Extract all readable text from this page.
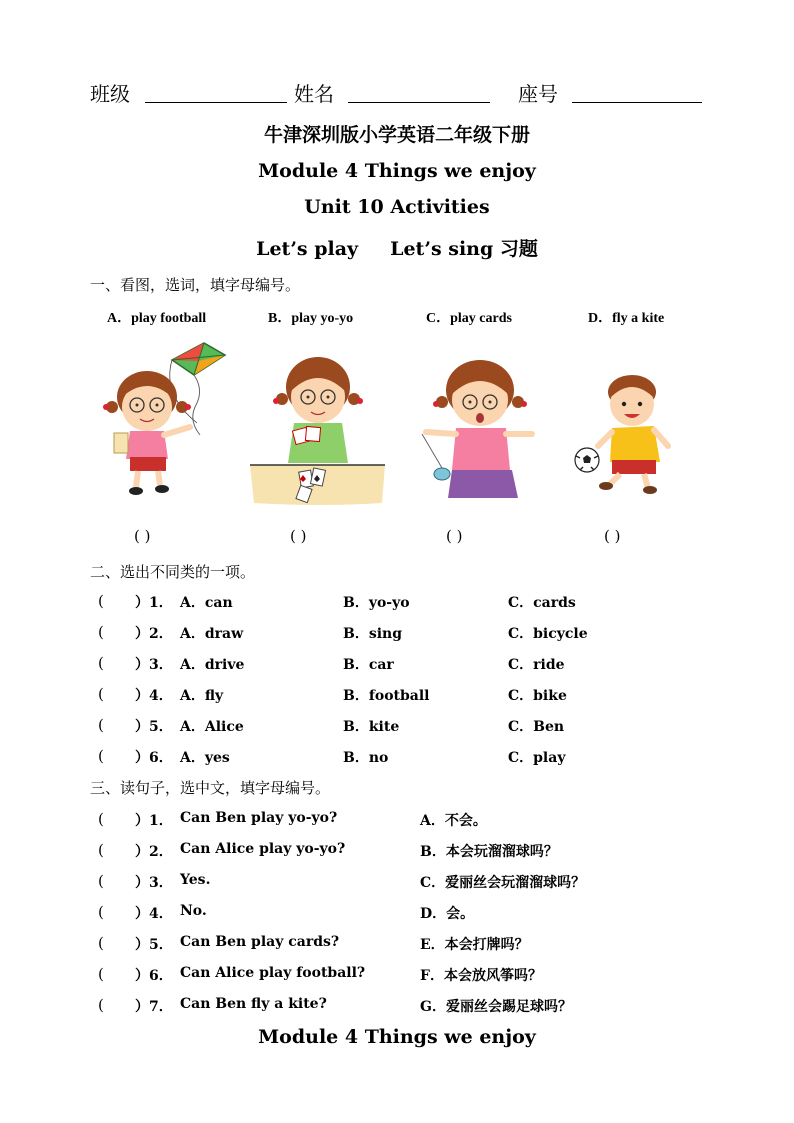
班级	姓名	座号
牛津深圳版小学英语二年级下册
Module 4 Things we enjoy
Unit 10 Activities
Let’s play Let’s sing 习题
一、看图，选词，填字母编号。
A．play football	B．play yo-yo	C．play cards	D．fly a kite
( )	( )	( )	( )
二、选出不同类的一项。
( ）1． A．can	B．yo-yo	C．cards
( ）2． A．draw	B．sing	C．bicycle
( ）3． A．drive	B．car	C．ride
( ）4． A．fly	B．football	C．bike
( ）5． A．Alice	B．kite	C．Ben
( ）6． A．yes	B．no	C．play
三、读句子，选中文，填字母编号。
( ）1． Can Ben play yo-yo?	A．不会。
( ）2． Can Alice play yo-yo?	B．本会玩溜溜球吗？
( ）3． Yes.	C．爱丽丝会玩溜溜球吗？
( ）4． No.	D．会。
( ）5． Can Ben play cards?	E．本会打牌吗？
( ）6． Can Alice play football?	F．本会放风筝吗？
( ）7． Can Ben fly a kite?	G．爱丽丝会踢足球吗？
Module 4 Things we enjoy
